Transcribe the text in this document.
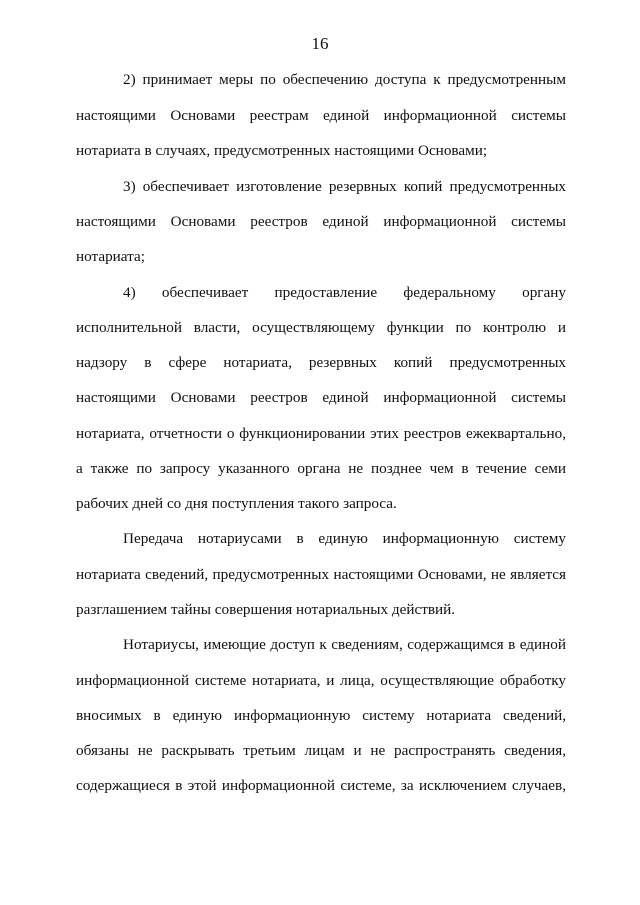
16
2) принимает меры по обеспечению доступа к предусмотренным
настоящими Основами реестрам единой информационной системы
нотариата в случаях, предусмотренных настоящими Основами;
3) обеспечивает изготовление резервных копий предусмотренных
настоящими Основами реестров единой информационной системы
нотариата;
4) обеспечивает предоставление федеральному органу
исполнительной власти, осуществляющему функции по контролю и
надзору в сфере нотариата, резервных копий предусмотренных
настоящими Основами реестров единой информационной системы
нотариата, отчетности о функционировании этих реестров ежеквартально,
а также по запросу указанного органа не позднее чем в течение семи
рабочих дней со дня поступления такого запроса.
Передача нотариусами в единую информационную систему
нотариата сведений, предусмотренных настоящими Основами, не является
разглашением тайны совершения нотариальных действий.
Нотариусы, имеющие доступ к сведениям, содержащимся в единой
информационной системе нотариата, и лица, осуществляющие обработку
вносимых в единую информационную систему нотариата сведений,
обязаны не раскрывать третьим лицам и не распространять сведения,
содержащиеся в этой информационной системе, за исключением случаев,
